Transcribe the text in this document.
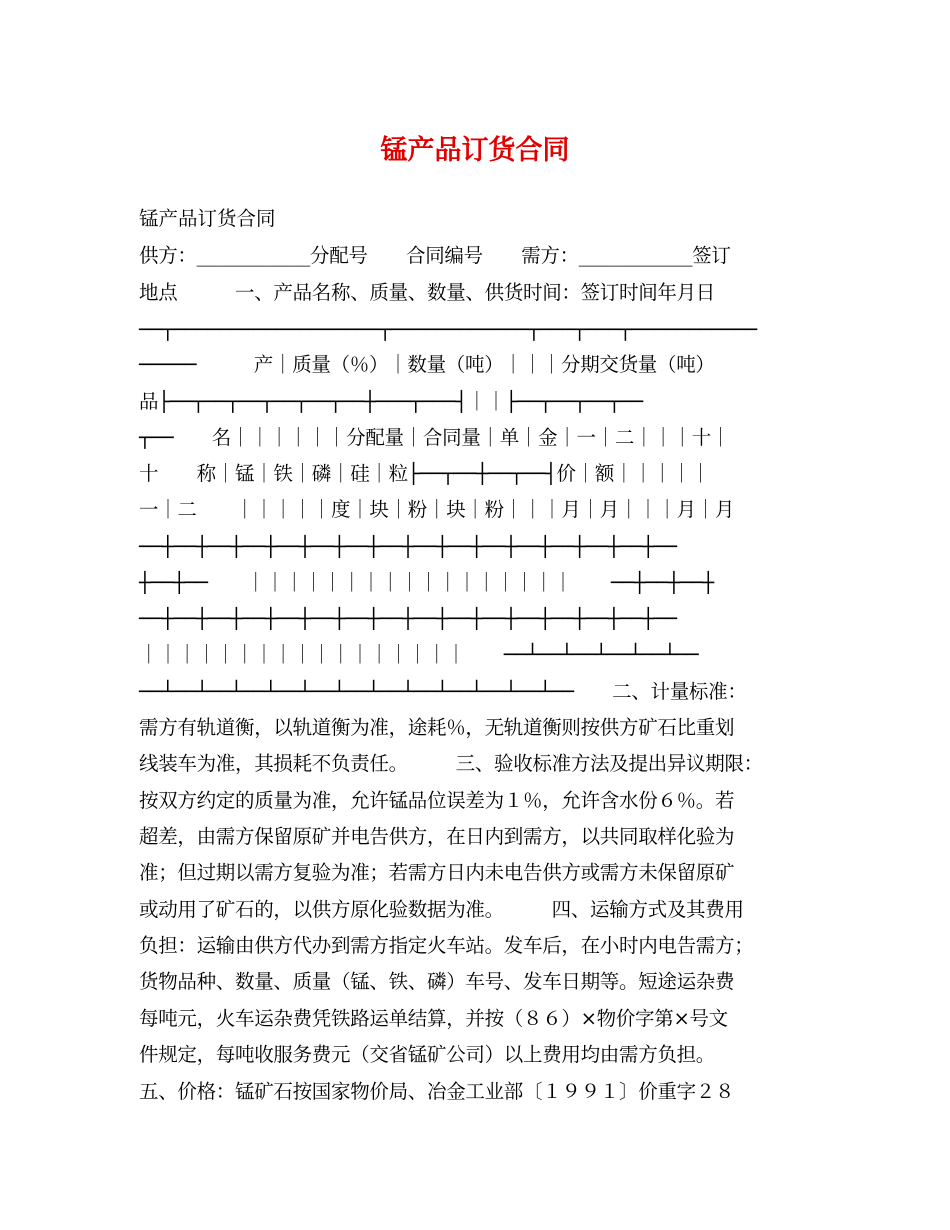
锰产品订货合同
锰产品订货合同
供方：____________分配号　　合同编号　　需方：____________签订
地点　　　一、产品名称、质量、数量、供货时间：签订时间年月日
──┬──────────────────┬────────────┬───┬───┬───────────
─────　　　产｜质量（％）｜数量（吨）｜｜｜分期交货量（吨）
品├──┬──┬──┬──┬──┬──┼───┬───┤｜｜├──┬──┬──┬──
┬──　　名｜｜｜｜｜｜分配量｜合同量｜单｜金｜一｜二｜｜｜十｜
十　　称｜锰｜铁｜磷｜硅｜粒├──┬──┼──┬──┤价｜额｜｜｜｜｜
一｜二　　｜｜｜｜｜度｜块｜粉｜块｜粉｜｜｜月｜月｜｜｜月｜月
──┼──┼──┼──┼──┼──┼──┼──┼──┼──┼──┼──┼──┼──┼──┼──
┼──┼──　　｜｜｜｜｜｜｜｜｜｜｜｜｜｜｜｜｜　　──┼──┼──┼
──┼──┼──┼──┼──┼──┼──┼──┼──┼──┼──┼──┼──┼──┼──┼──
｜｜｜｜｜｜｜｜｜｜｜｜｜｜｜｜｜　　──┴──┴──┴──┴──┴──
──┴──┴──┴──┴──┴──┴──┴──┴──┴──┴──┴──┴──　　二、计量标准：
需方有轨道衡，以轨道衡为准，途耗％，无轨道衡则按供方矿石比重划
线装车为准，其损耗不负责任。　　　三、验收标准方法及提出异议期限：
按双方约定的质量为准，允许锰品位误差为１％，允许含水份６％。若
超差，由需方保留原矿并电告供方，在日内到需方，以共同取样化验为
准；但过期以需方复验为准；若需方日内未电告供方或需方未保留原矿
或动用了矿石的，以供方原化验数据为准。　　　四、运输方式及其费用
负担：运输由供方代办到需方指定火车站。发车后，在小时内电告需方；
货物品种、数量、质量（锰、铁、磷）车号、发车日期等。短途运杂费
每吨元，火车运杂费凭铁路运单结算，并按（８６）×物价字第×号文
件规定，每吨收服务费元（交省锰矿公司）以上费用均由需方负担。
五、价格：锰矿石按国家物价局、冶金工业部〔１９９１〕价重字２８
